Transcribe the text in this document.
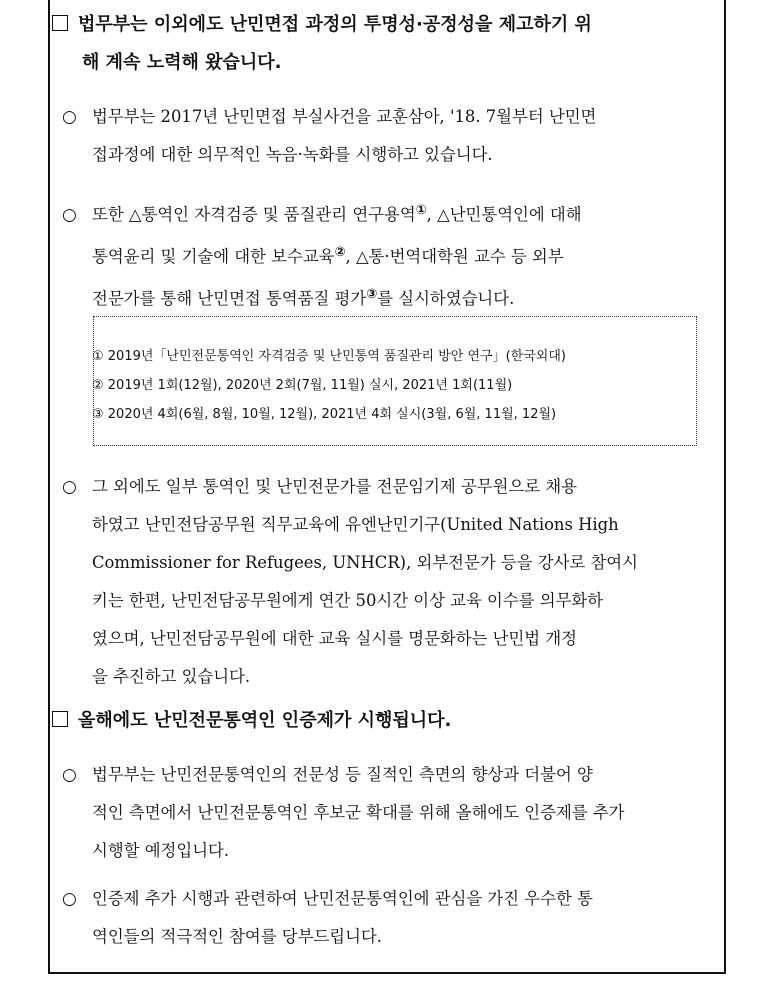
법무부는 이외에도 난민면접 과정의 투명성·공정성을 제고하기 위
해 계속 노력해 왔습니다.
○ 법무부는 2017년 난민면접 부실사건을 교훈삼아, '18. 7월부터 난민면
접과정에 대한 의무적인 녹음·녹화를 시행하고 있습니다.
○ 또한 △통역인 자격검증 및 품질관리 연구용역①, △난민통역인에 대해
통역윤리 및 기술에 대한 보수교육②, △통·번역대학원 교수 등 외부
전문가를 통해 난민면접 통역품질 평가③를 실시하였습니다.
① 2019년「난민전문통역인 자격검증 및 난민통역 품질관리 방안 연구」(한국외대)
② 2019년 1회(12월), 2020년 2회(7월, 11월) 실시, 2021년 1회(11월)
③ 2020년 4회(6월, 8월, 10월, 12월), 2021년 4회 실시(3월, 6월, 11월, 12월)
○ 그 외에도 일부 통역인 및 난민전문가를 전문임기제 공무원으로 채용
하였고 난민전담공무원 직무교육에 유엔난민기구(United Nations High
Commissioner for Refugees, UNHCR), 외부전문가 등을 강사로 참여시
키는 한편, 난민전담공무원에게 연간 50시간 이상 교육 이수를 의무화하
였으며, 난민전담공무원에 대한 교육 실시를 명문화하는 난민법 개정
을 추진하고 있습니다.
올해에도 난민전문통역인 인증제가 시행됩니다.
○ 법무부는 난민전문통역인의 전문성 등 질적인 측면의 향상과 더불어 양
적인 측면에서 난민전문통역인 후보군 확대를 위해 올해에도 인증제를 추가
시행할 예정입니다.
○ 인증제 추가 시행과 관련하여 난민전문통역인에 관심을 가진 우수한 통
역인들의 적극적인 참여를 당부드립니다.
